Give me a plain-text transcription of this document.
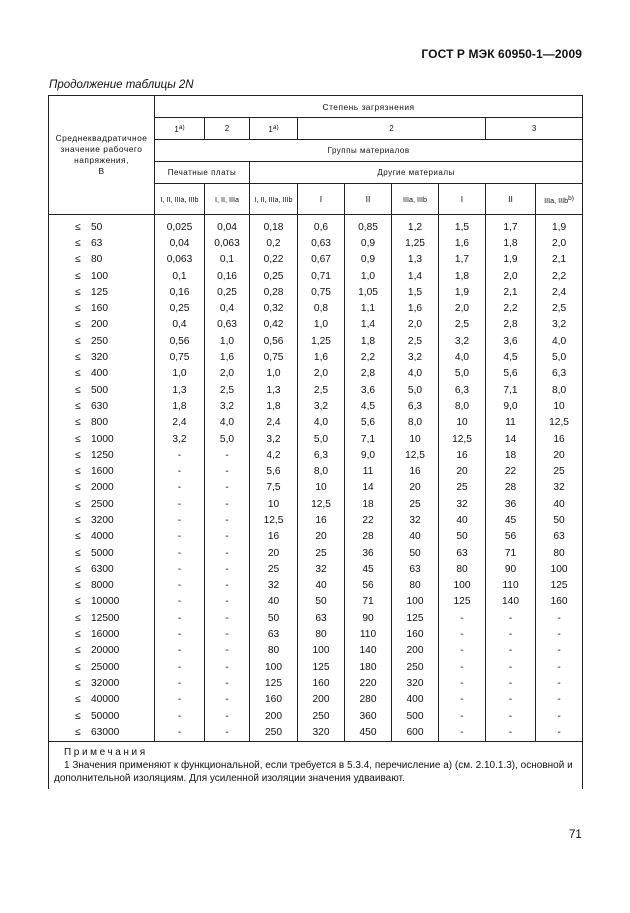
ГОСТ Р МЭК 60950-1—2009
Продолжение таблицы 2N
Среднеквадратичное значение рабочего напряжения,
В	Степень загрязнения								
	1$^{a)}$	2	1$^{a)}$	2				3	
	Группы материалов								
	Печатные платы		Другие материалы						
	I, II, IIIa, IIIb	I, II, IIIa	I, II, IIIa, IIIb	I	II	IIIa, IIIb	I	II	IIIa, IIIb$^{b)}$
≤ 50	0,025	0,04	0,18	0,6	0,85	1,2	1,5	1,7	1,9
≤ 63	0,04	0,063	0,2	0,63	0,9	1,25	1,6	1,8	2,0
≤ 80	0,063	0,1	0,22	0,67	0,9	1,3	1,7	1,9	2,1
≤ 100	0,1	0,16	0,25	0,71	1,0	1,4	1,8	2,0	2,2
≤ 125	0,16	0,25	0,28	0,75	1,05	1,5	1,9	2,1	2,4
≤ 160	0,25	0,4	0,32	0,8	1,1	1,6	2,0	2,2	2,5
≤ 200	0,4	0,63	0,42	1,0	1,4	2,0	2,5	2,8	3,2
≤ 250	0,56	1,0	0,56	1,25	1,8	2,5	3,2	3,6	4,0
≤ 320	0,75	1,6	0,75	1,6	2,2	3,2	4,0	4,5	5,0
≤ 400	1,0	2,0	1,0	2,0	2,8	4,0	5,0	5,6	6,3
≤ 500	1,3	2,5	1,3	2,5	3,6	5,0	6,3	7,1	8,0
≤ 630	1,8	3,2	1,8	3,2	4,5	6,3	8,0	9,0	10
≤ 800	2,4	4,0	2,4	4,0	5,6	8,0	10	11	12,5
≤ 1000	3,2	5,0	3,2	5,0	7,1	10	12,5	14	16
≤ 1250	-	-	4,2	6,3	9,0	12,5	16	18	20
≤ 1600	-	-	5,6	8,0	11	16	20	22	25
≤ 2000	-	-	7,5	10	14	20	25	28	32
≤ 2500	-	-	10	12,5	18	25	32	36	40
≤ 3200	-	-	12,5	16	22	32	40	45	50
≤ 4000	-	-	16	20	28	40	50	56	63
≤ 5000	-	-	20	25	36	50	63	71	80
≤ 6300	-	-	25	32	45	63	80	90	100
≤ 8000	-	-	32	40	56	80	100	110	125
≤ 10000	-	-	40	50	71	100	125	140	160
≤ 12500	-	-	50	63	90	125	-	-	-
≤ 16000	-	-	63	80	110	160	-	-	-
≤ 20000	-	-	80	100	140	200	-	-	-
≤ 25000	-	-	100	125	180	250	-	-	-
≤ 32000	-	-	125	160	220	320	-	-	-
≤ 40000	-	-	160	200	280	400	-	-	-
≤ 50000	-	-	200	250	360	500	-	-	-
≤ 63000	-	-	250	320	450	600	-	-	-

Примечания
1 Значения применяют к функциональной, если требуется в 5.3.4, перечисление а) (см. 2.10.1.3), основной и дополнительной изоляциям. Для усиленной изоляции значения удваивают.									
71
